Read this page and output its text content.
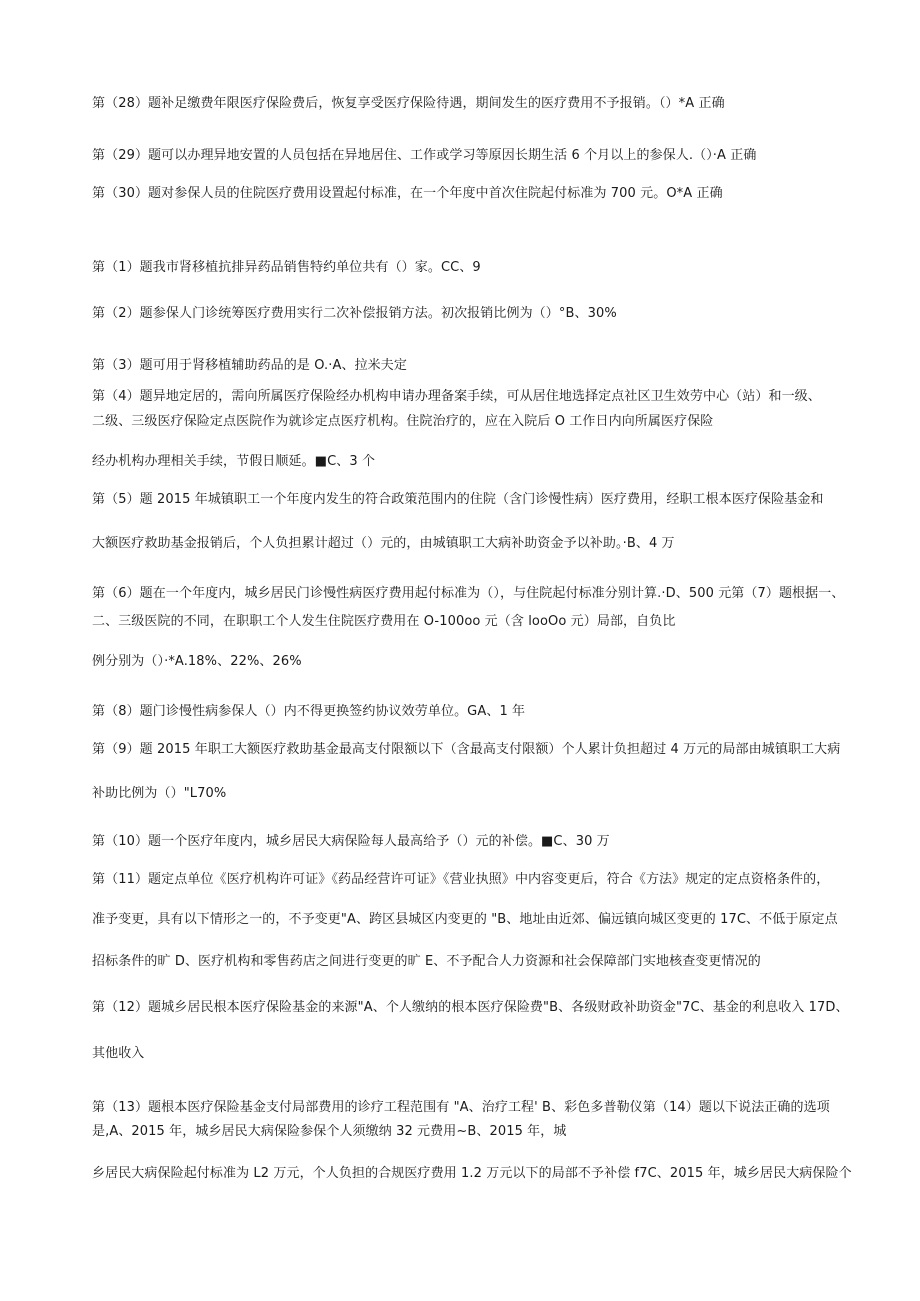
第（28）题补足缴费年限医疗保险费后，恢复享受医疗保险待遇，期间发生的医疗费用不予报销。（）*A 正确
第（29）题可以办理异地安置的人员包括在异地居住、工作或学习等原因长期生活 6 个月以上的参保人.（）·A 正确
第（30）题对参保人员的住院医疗费用设置起付标准，在一个年度中首次住院起付标准为 700 元。O*A 正确
第（1）题我市肾移植抗排异药品销售特约单位共有（）家。CC、9
第（2）题参保人门诊统筹医疗费用实行二次补偿报销方法。初次报销比例为（）°B、30%
第（3）题可用于肾移植辅助药品的是 O.·A、拉米夫定
第（4）题异地定居的，需向所属医疗保险经办机构申请办理备案手续，可从居住地选择定点社区卫生效劳中心（站）和一级、
二级、三级医疗保险定点医院作为就诊定点医疗机构。住院治疗的，应在入院后 O 工作日内向所属医疗保险
经办机构办理相关手续，节假日顺延。■C、3 个
第（5）题 2015 年城镇职工一个年度内发生的符合政策范围内的住院（含门诊慢性病）医疗费用，经职工根本医疗保险基金和
大额医疗救助基金报销后，个人负担累计超过（）元的，由城镇职工大病补助资金予以补助。·B、4 万
第（6）题在一个年度内，城乡居民门诊慢性病医疗费用起付标准为（），与住院起付标准分别计算.·D、500 元第（7）题根据一、
二、三级医院的不同，在职职工个人发生住院医疗费用在 O-100oo 元（含 looOo 元）局部，自负比
例分别为（）·*A.18%、22%、26%
第（8）题门诊慢性病参保人（）内不得更换签约协议效劳单位。GA、1 年
第（9）题 2015 年职工大额医疗救助基金最高支付限额以下（含最高支付限额）个人累计负担超过 4 万元的局部由城镇职工大病
补助比例为（）"L70%
第（10）题一个医疗年度内，城乡居民大病保险每人最高给予（）元的补偿。■C、30 万
第（11）题定点单位《医疗机构许可证》《药品经营许可证》《营业执照》中内容变更后，符合《方法》规定的定点资格条件的，
准予变更，具有以下情形之一的，不予变更"A、跨区县城区内变更的 "B、地址由近郊、偏远镇向城区变更的 17C、不低于原定点
招标条件的旷 D、医疗机构和零售药店之间进行变更的旷 E、不予配合人力资源和社会保障部门实地核查变更情况的
第（12）题城乡居民根本医疗保险基金的来源"A、个人缴纳的根本医疗保险费"B、各级财政补助资金"7C、基金的利息收入 17D、
其他收入
第（13）题根本医疗保险基金支付局部费用的诊疗工程范围有 "A、治疗工程' B、彩色多普勒仪第（14）题以下说法正确的选项
是,A、2015 年，城乡居民大病保险参保个人须缴纳 32 元费用~B、2015 年，城
乡居民大病保险起付标准为 L2 万元，个人负担的合规医疗费用 1.2 万元以下的局部不予补偿 f7C、2015 年，城乡居民大病保险个
